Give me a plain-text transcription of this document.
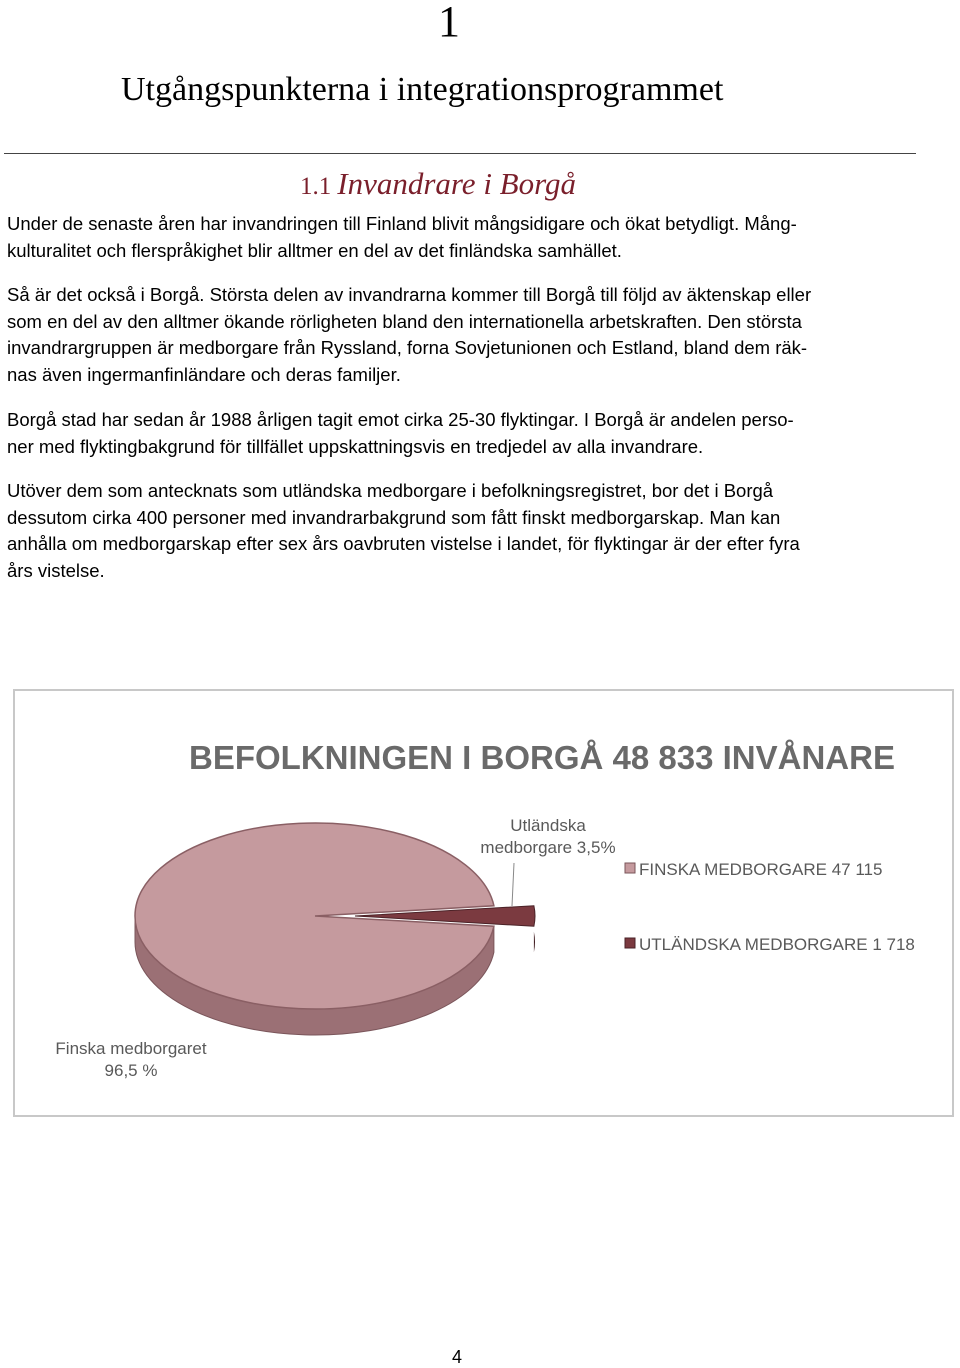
1
Utgångspunkterna i integrationsprogrammet
1.1 Invandrare i Borgå
Under de senaste åren har invandringen till Finland blivit mångsidigare och ökat betydligt. Mång-
kulturalitet och flerspråkighet blir alltmer en del av det finländska samhället.
Så är det också i Borgå. Största delen av invandrarna kommer till Borgå till följd av äktenskap eller
som en del av den alltmer ökande rörligheten bland den internationella arbetskraften. Den största
invandrargruppen är medborgare från Ryssland, forna Sovjetunionen och Estland, bland dem räk-
nas även ingermanfinländare och deras familjer.
Borgå stad har sedan år 1988 årligen tagit emot cirka 25-30 flyktingar. I Borgå är andelen perso-
ner med flyktingbakgrund för tillfället uppskattningsvis en tredjedel av alla invandrare.
Utöver dem som antecknats som utländska medborgare i befolkningsregistret, bor det i Borgå
dessutom cirka 400 personer med invandrarbakgrund som fått finskt medborgarskap. Man kan
anhålla om medborgarskap efter sex års oavbruten vistelse i landet, för flyktingar är der efter fyra
års vistelse.
BEFOLKNINGEN I BORGÅ 48 833 INVÅNARE
Utländska
medborgare 3,5%
Finska medborgaret
96,5 %
FINSKA MEDBORGARE 47 115
UTLÄNDSKA MEDBORGARE 1 718
4
